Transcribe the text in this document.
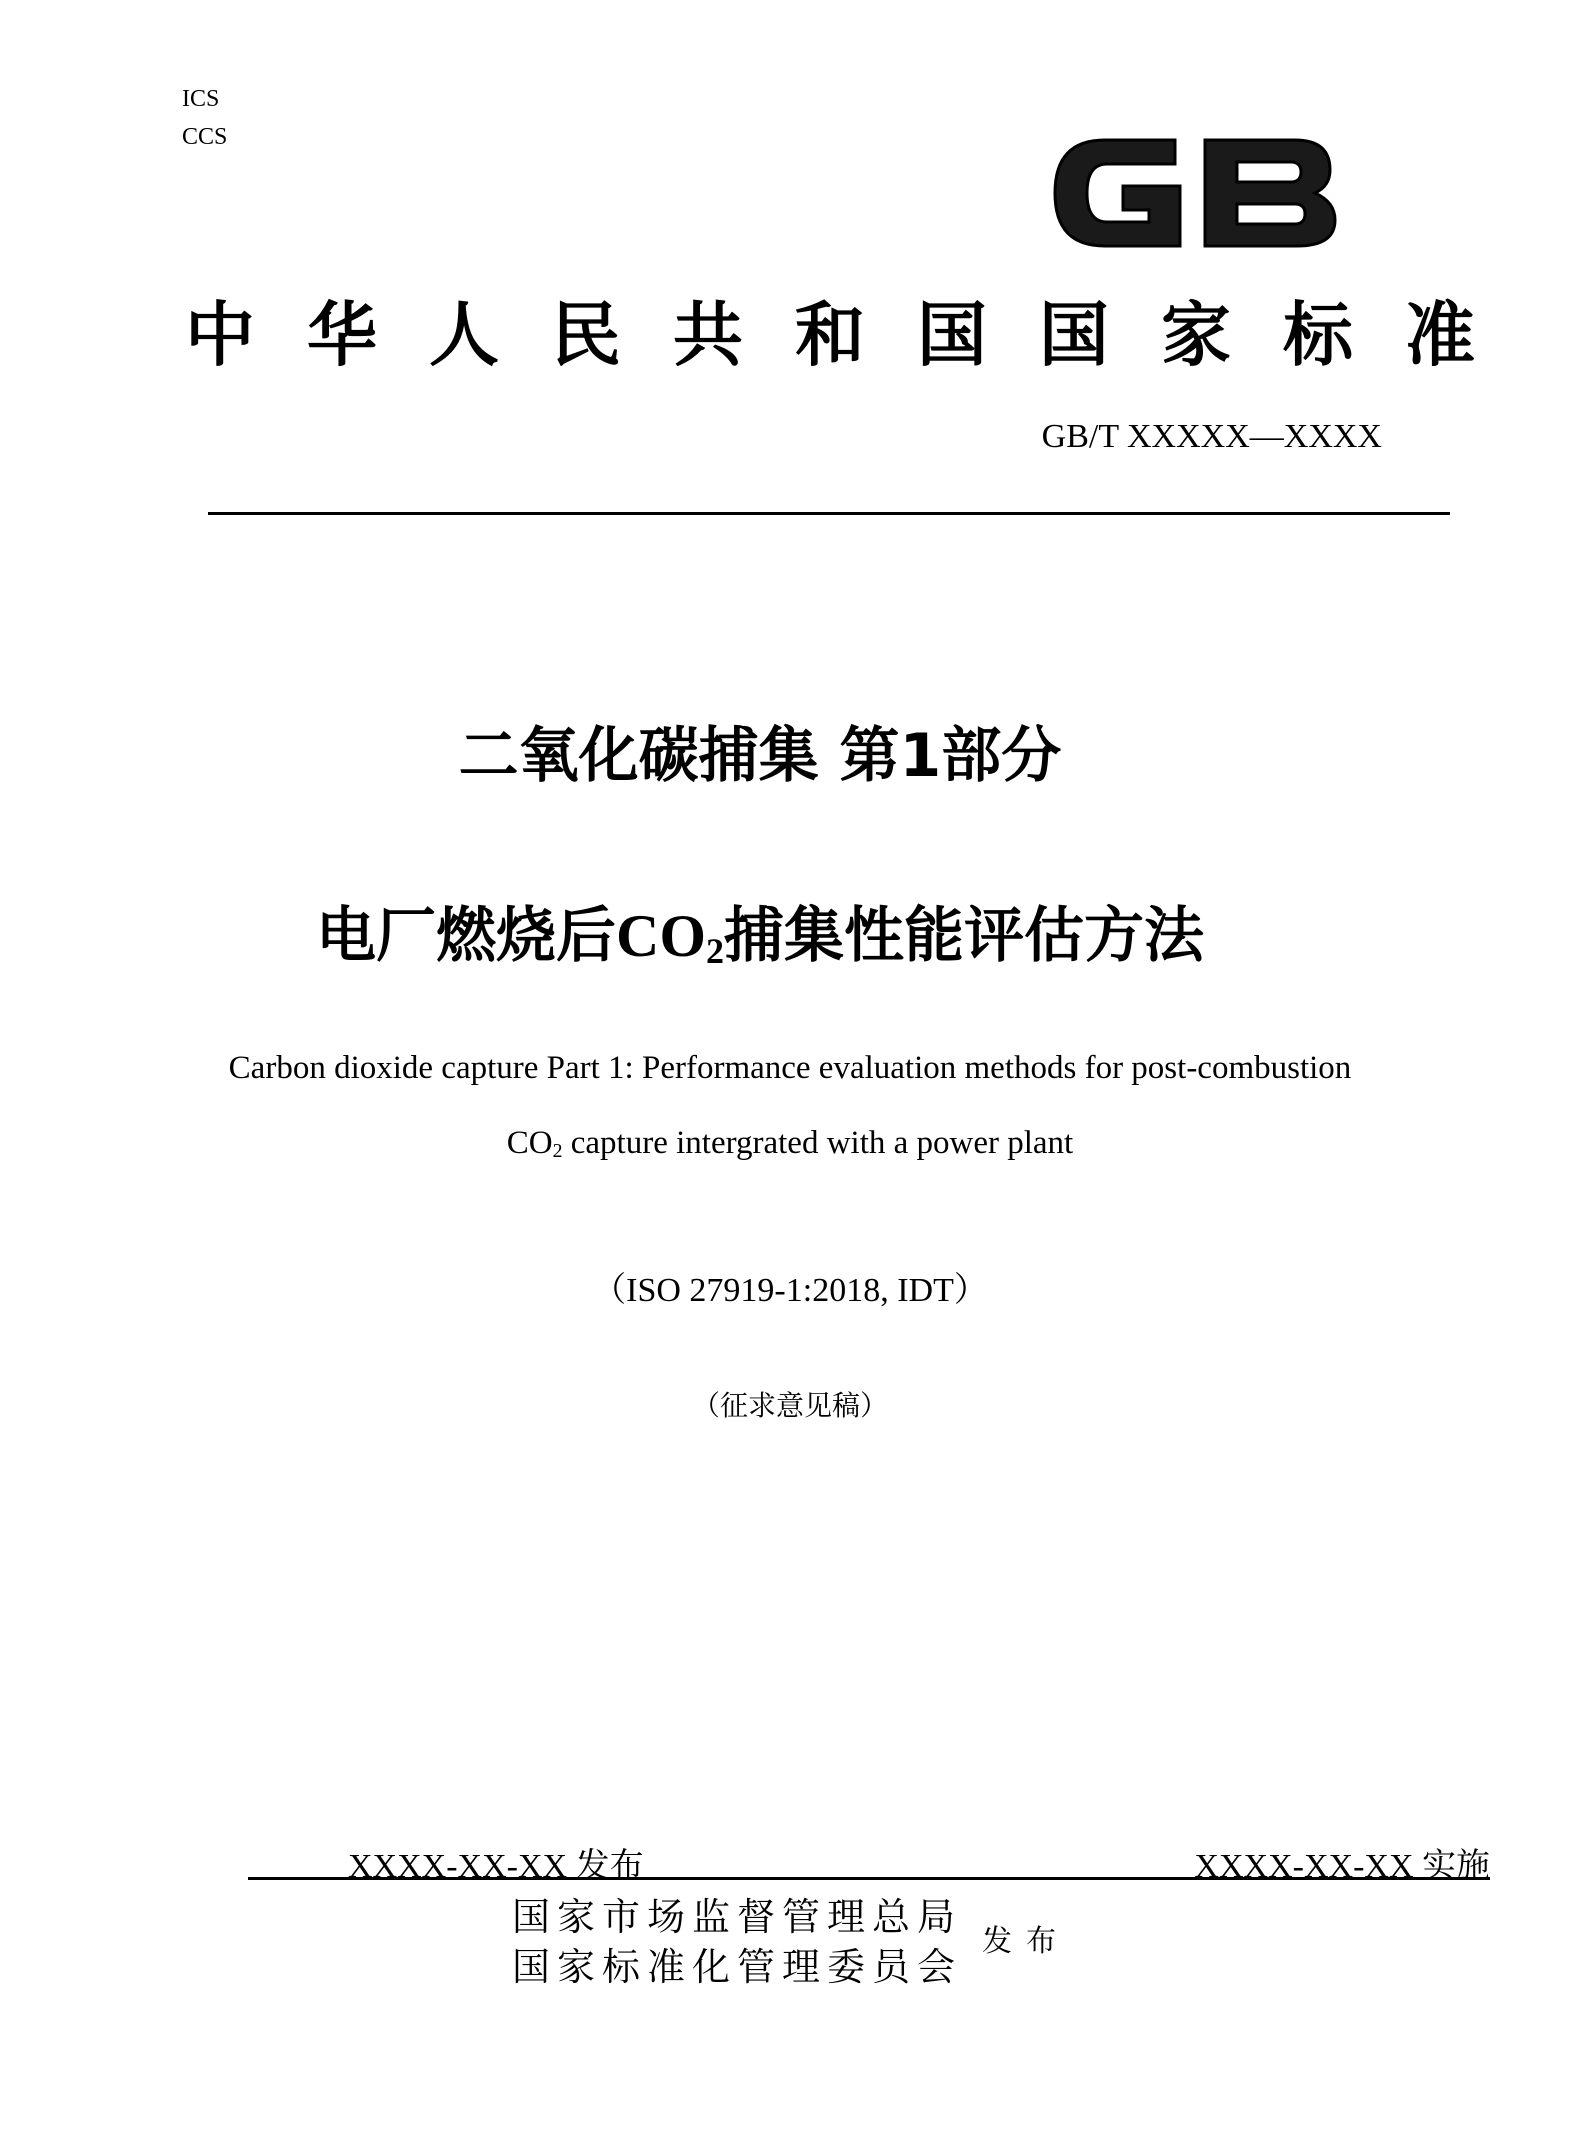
ICS
CCS
GB
中华人民共和国国家标准
GB/T XXXXX—XXXX
二氧化碳捕集 第1部分
电厂燃烧后$CO_2$捕集性能评估方法
Carbon dioxide capture Part 1: Performance evaluation methods for post-combustion
$CO_2$ capture intergrated with a power plant
（ISO 27919-1:2018, IDT）
（征求意见稿）
XXXX-XX-XX 发布	XXXX-XX-XX 实施
国家市场监督管理总局
国家标准化管理委员会
发布
